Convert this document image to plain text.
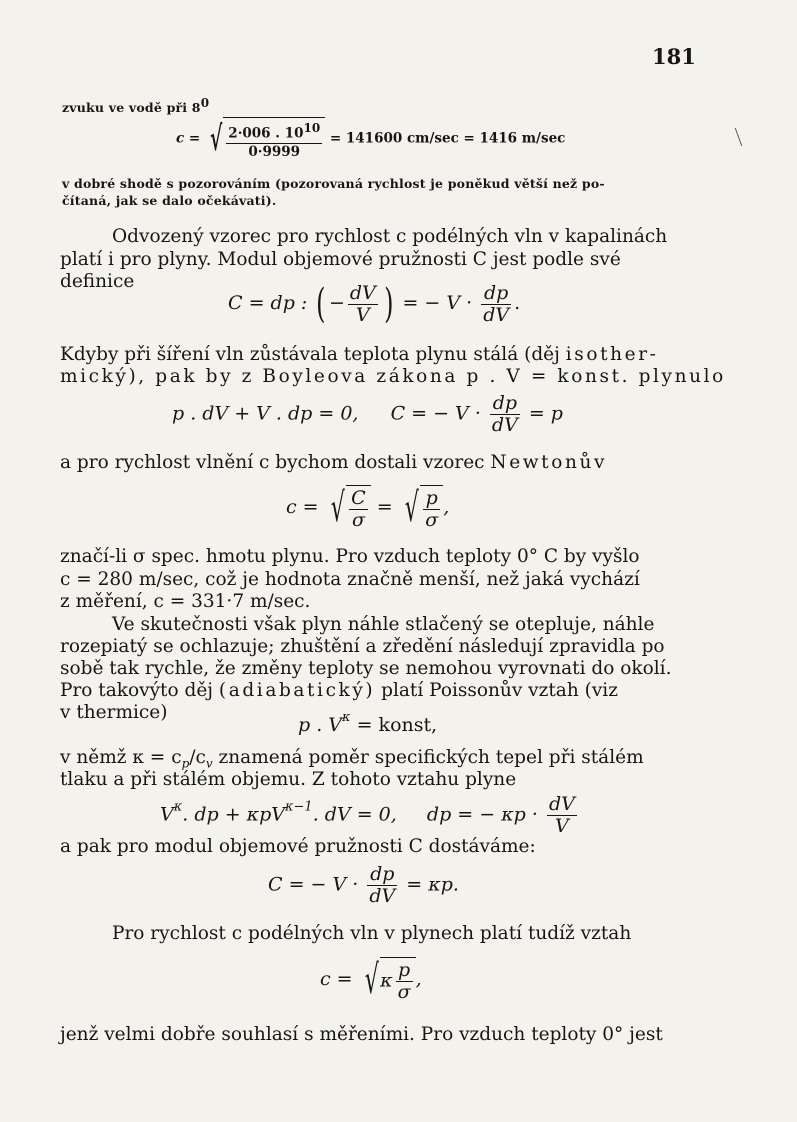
181
zvuku ve vodě při 80
c = √ $\frac{2\cdot 006 . 1010}{0\cdot 9999} = 141600$ cm/sec = 1416 m/sec
v dobré shodě s pozorováním (pozorovaná rychlost je poněkud větší než po-
čítaná, jak se dalo očekávati).
Odvozený vzorec pro rychlost c podélných vln v kapalinách
platí i pro plyny. Modul objemové pružnosti C jest podle své
definice
C = dp : ( − $\frac{dV}{V}$ ) = − $V \cdot \frac{dp}{dV}$ .
Kdyby při šíření vln zůstávala teplota plynu stálá (děj isother-
mický), pak by z Boyleova zákona p . V = konst. plynulo
p . dV + V . dp = 0, C = − $V \cdot \frac{dp}{dV} = p$
a pro rychlost vlnění c bychom dostali vzorec Newtonův
c = √ $\frac{C}{\sigma}$ = √ $\frac{p}{\sigma}$ ,
značí-li σ spec. hmotu plynu. Pro vzduch teploty 0° C by vyšlo
c = 280 m/sec, což je hodnota značně menší, než jaká vychází
z měření, c = 331·7 m/sec.
Ve skutečnosti však plyn náhle stlačený se otepluje, náhle
rozepiatý se ochlazuje; zhuštění a zředění následují zpravidla po
sobě tak rychle, že změny teploty se nemohou vyrovnati do okolí.
Pro takovýto děj (adiabatický) platí Poissonův vztah (viz
v thermice)
p . $V^\kappa$ = konst,
v němž $\kappa = c_p/c_v$ znamená poměr specifických tepel při stálém
tlaku a při stálém objemu. Z tohoto vztahu plyne
$V^\kappa$. dp + κpV$^{\kappa-1}$. dV = 0, dp = − $\kappa p \cdot \frac{dV}{V}$
a pak pro modul objemové pružnosti C dostáváme:
C = − $V \cdot \frac{dp}{dV} = \kappa p$.
Pro rychlost c podélných vln v plynech platí tudíž vztah
$c = √\kappa \frac{p}{\sigma}$ ,
jenž velmi dobře souhlasí s měřeními. Pro vzduch teploty 0° jest
